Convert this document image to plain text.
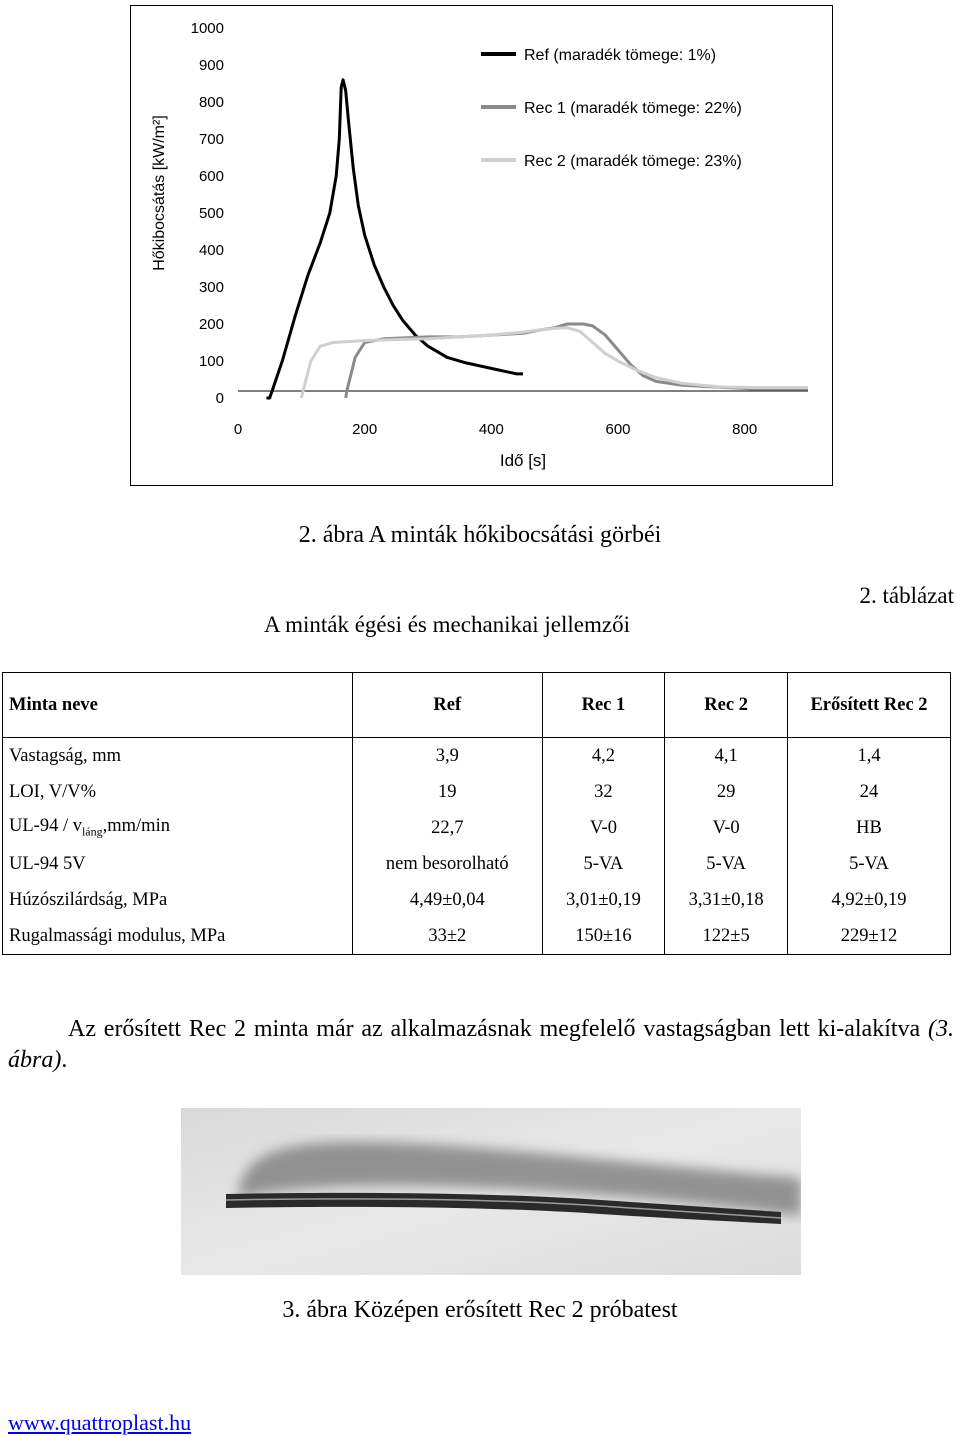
0
100
200
300
400
500
600
700
800
900
1000
0	200	400	600	800
Ref (maradék tömege: 1%)
Rec 1 (maradék tömege: 22%)
Rec 2 (maradék tömege: 23%)
Hőkibocsátás [kW/m²]
Idő [s]
2. ábra A minták hőkibocsátási görbéi
2. táblázat
A minták égési és mechanikai jellemzői
Minta neve	Ref	Rec 1	Rec 2	Erősített Rec 2
Vastagság, mm	3,9	4,2	4,1	1,4
LOI, V/V%	19	32	29	24
$UL-94 / v_{láng},mm/\min$	22,7	V-0	V-0	HB
UL-94 5V	nem besorolható	5-VA	5-VA	5-VA
Húzószilárdság, MPa	4,49±0,04	3,01±0,19	3,31±0,18	4,92±0,19
Rugalmassági modulus, MPa	33±2	150±16	122±5	229±12
Az erősített Rec 2 minta már az alkalmazásnak megfelelő vastagságban lett ki-alakítva (3. ábra).
3. ábra Középen erősített Rec 2 próbatest
www.quattroplast.hu
